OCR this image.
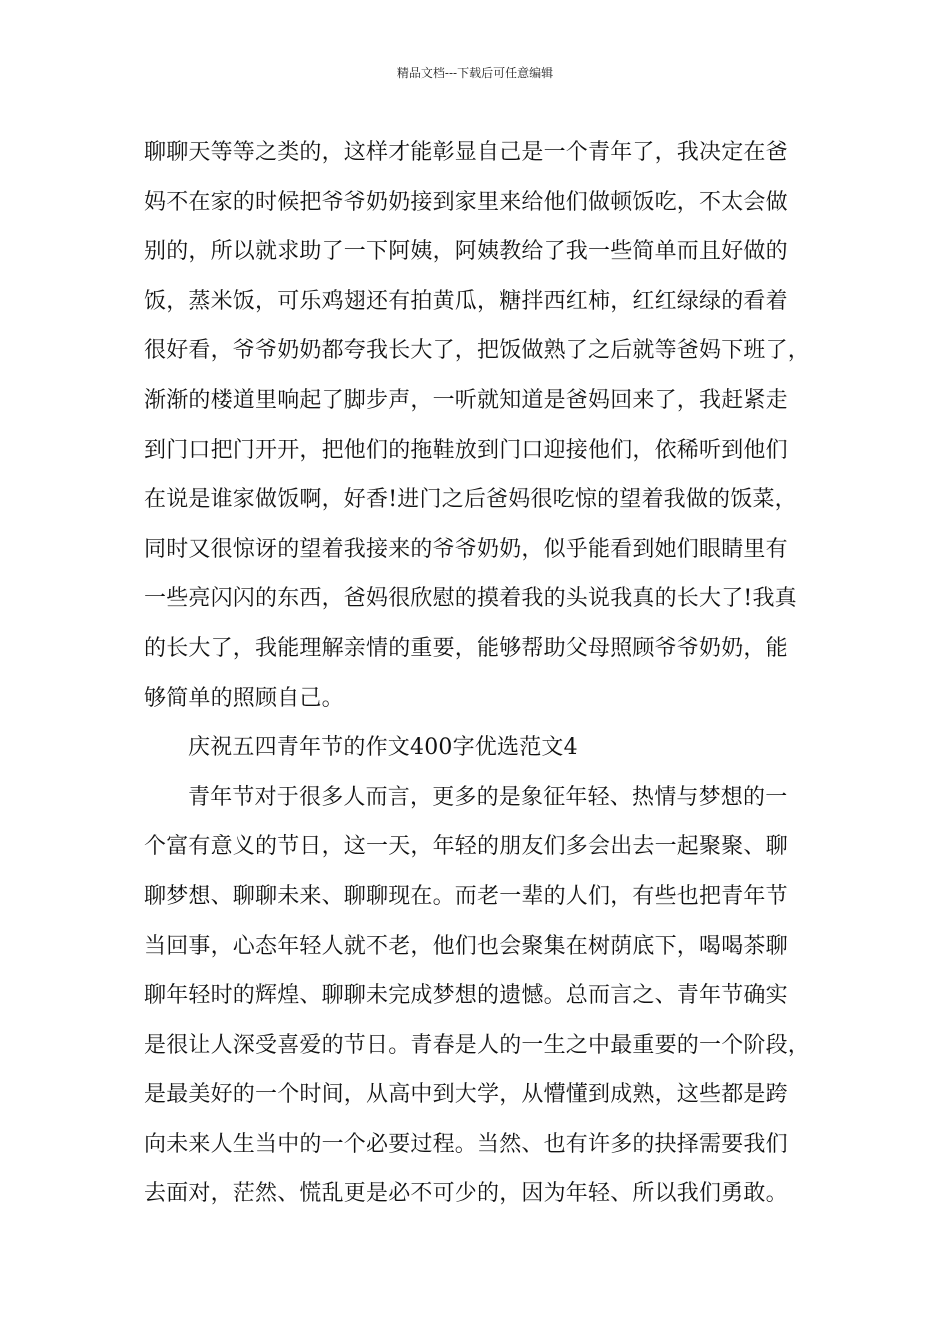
精品文档---下载后可任意编辑
聊聊天等等之类的，这样才能彰显自己是一个青年了，我决定在爸
妈不在家的时候把爷爷奶奶接到家里来给他们做顿饭吃，不太会做
别的，所以就求助了一下阿姨，阿姨教给了我一些简单而且好做的
饭，蒸米饭，可乐鸡翅还有拍黄瓜，糖拌西红柿，红红绿绿的看着
很好看，爷爷奶奶都夸我长大了，把饭做熟了之后就等爸妈下班了，
渐渐的楼道里响起了脚步声，一听就知道是爸妈回来了，我赶紧走
到门口把门开开，把他们的拖鞋放到门口迎接他们，依稀听到他们
在说是谁家做饭啊，好香!进门之后爸妈很吃惊的望着我做的饭菜，
同时又很惊讶的望着我接来的爷爷奶奶，似乎能看到她们眼睛里有
一些亮闪闪的东西，爸妈很欣慰的摸着我的头说我真的长大了!我真
的长大了，我能理解亲情的重要，能够帮助父母照顾爷爷奶奶，能
够简单的照顾自己。
庆祝五四青年节的作文400字优选范文4
青年节对于很多人而言，更多的是象征年轻、热情与梦想的一
个富有意义的节日，这一天，年轻的朋友们多会出去一起聚聚、聊
聊梦想、聊聊未来、聊聊现在。而老一辈的人们，有些也把青年节
当回事，心态年轻人就不老，他们也会聚集在树荫底下，喝喝茶聊
聊年轻时的辉煌、聊聊未完成梦想的遗憾。总而言之、青年节确实
是很让人深受喜爱的节日。青春是人的一生之中最重要的一个阶段，
是最美好的一个时间，从高中到大学，从懵懂到成熟，这些都是跨
向未来人生当中的一个必要过程。当然、也有许多的抉择需要我们
去面对，茫然、慌乱更是必不可少的，因为年轻、所以我们勇敢。
